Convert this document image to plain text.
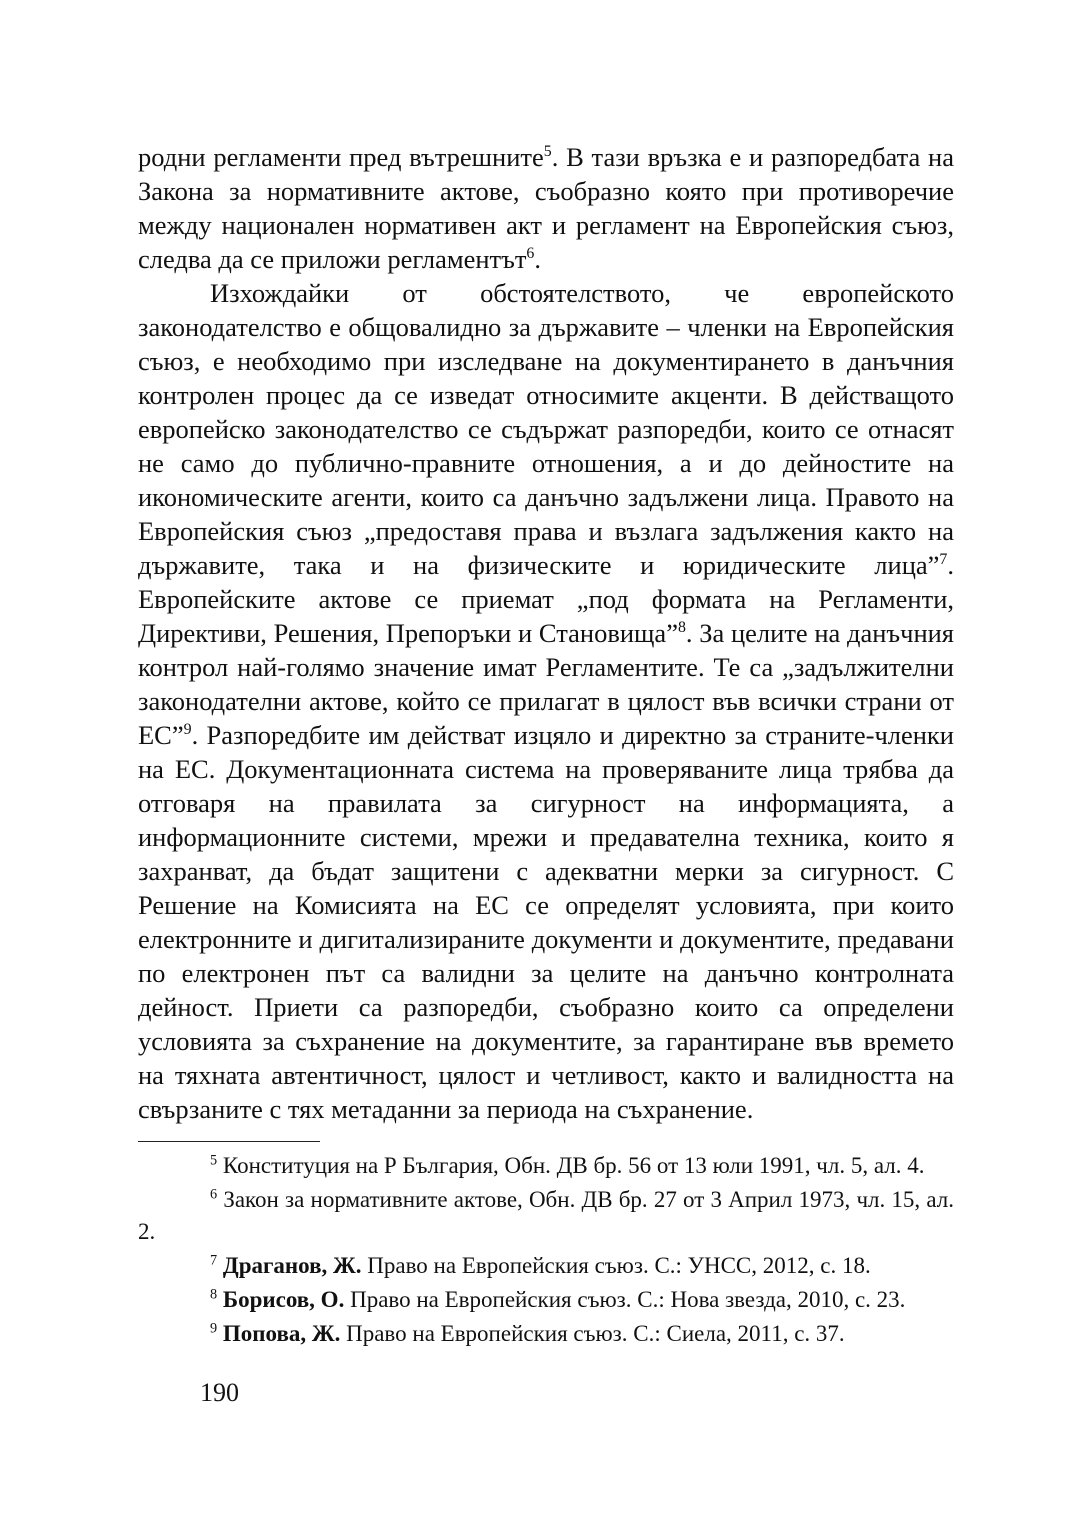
родни регламенти пред вътрешните$^5$. В тази връзка е и разпоредбата на Закона за нормативните актове, съобразно която при противоречие между национален нормативен акт и регламент на Европейския съюз, следва да се приложи регламентът$^6$.

Изхождайки от обстоятелството, че европейското законодателство е общовалидно за държавите – членки на Европейския съюз, е необходимо при изследване на документирането в данъчния контролен процес да се изведат относимите акценти. В действащото европейско законодателство се съдържат разпоредби, които се отнасят не само до публично-правните отношения, а и до дейностите на икономическите агенти, които са данъчно задължени лица. Правото на Европейския съюз „предоставя права и възлага задължения както на държавите, така и на физическите и юридическите лица”$^7$. Европейските актове се приемат „под формата на Регламенти, Директиви, Решения, Препоръки и Становища”$^8$. За целите на данъчния контрол най-голямо значение имат Регламентите. Те са „задължителни законодателни актове, който се прилагат в цялост във всички страни от ЕС”$^9$. Разпоредбите им действат изцяло и директно за страните-членки на ЕС. Документационната система на проверяваните лица трябва да отговаря на правилата за сигурност на информацията, а информационните системи, мрежи и предавателна техника, които я захранват, да бъдат защитени с адекватни мерки за сигурност. С Решение на Комисията на ЕС се определят условията, при които електронните и дигитализираните документи и документите, предавани по електронен път са валидни за целите на данъчно контролната дейност. Приети са разпоредби, съобразно които са определени условията за съхранение на документите, за гарантиране във времето на тяхната автентичност, цялост и четливост, както и валидността на свързаните с тях метаданни за периода на съхранение.

$^5$ Конституция на Р България, Обн. ДВ бр. 56 от 13 юли 1991, чл. 5, ал. 4.

$^6$ Закон за нормативните актове, Обн. ДВ бр. 27 от 3 Април 1973, чл. 15, ал. 2.

$^7$ Драганов, Ж. Право на Европейския съюз. С.: УНСС, 2012, с. 18.

$^8$ Борисов, О. Право на Европейския съюз. С.: Нова звезда, 2010, с. 23.

$^9$ Попова, Ж. Право на Европейския съюз. С.: Сиела, 2011, с. 37.

190
